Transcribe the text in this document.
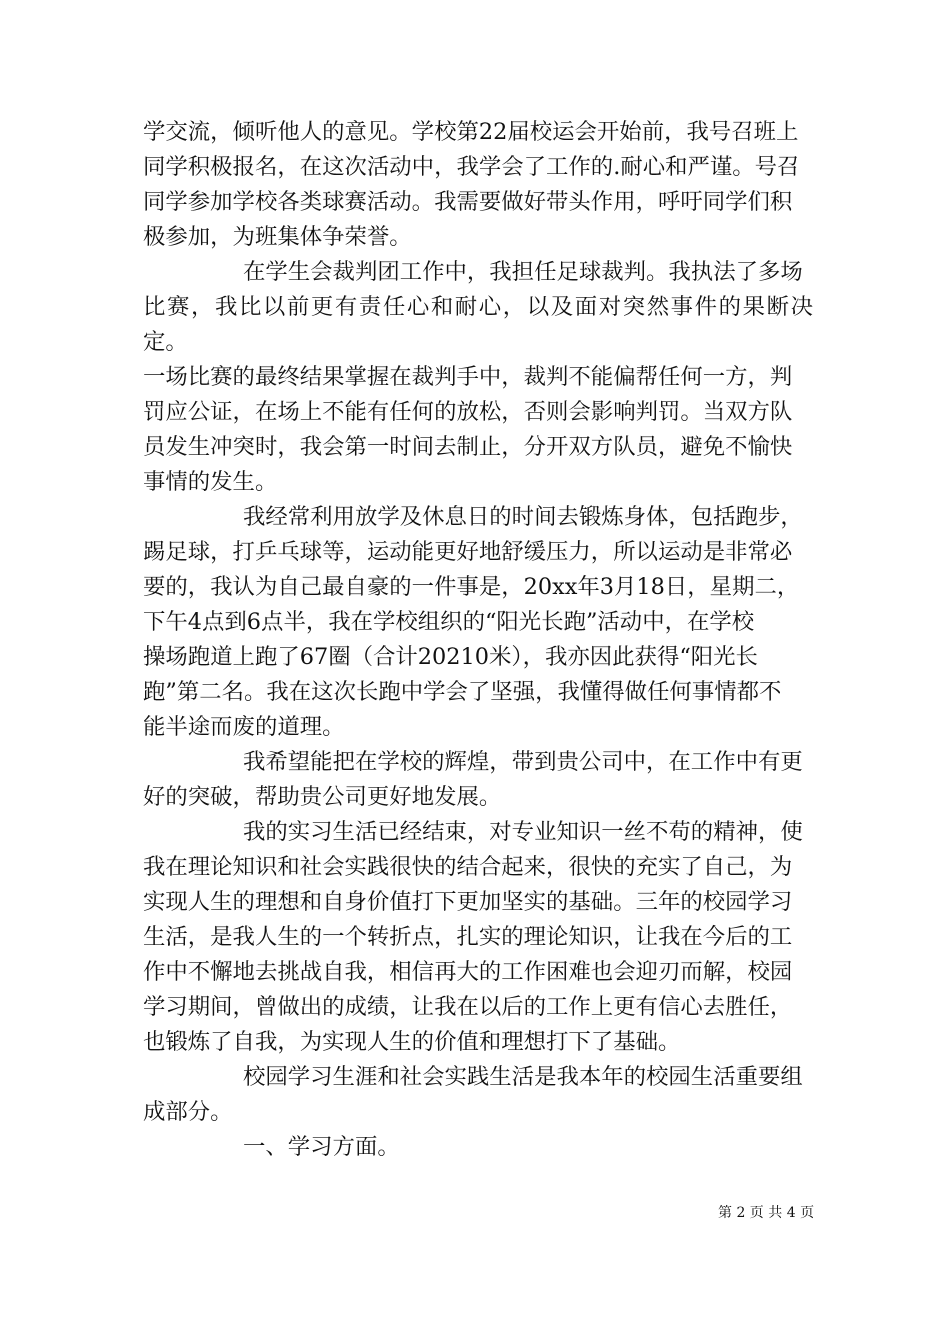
学交流，倾听他人的意见。学校第22届校运会开始前，我号召班上
同学积极报名，在这次活动中，我学会了工作的.耐心和严谨。号召
同学参加学校各类球赛活动。我需要做好带头作用，呼吁同学们积
极参加，为班集体争荣誉。

在学生会裁判团工作中，我担任足球裁判。我执法了多场
比赛，我比以前更有责任心和耐心，以及面对突然事件的果断决定。
一场比赛的最终结果掌握在裁判手中，裁判不能偏帮任何一方，判
罚应公证，在场上不能有任何的放松，否则会影响判罚。当双方队
员发生冲突时，我会第一时间去制止，分开双方队员，避免不愉快
事情的发生。

我经常利用放学及休息日的时间去锻炼身体，包括跑步，
踢足球，打乒乓球等，运动能更好地舒缓压力，所以运动是非常必
要的，我认为自己最自豪的一件事是，20xx年3月18日，星期二，
下午4点到6点半，我在学校组织的“阳光长跑”活动中，在学校
操场跑道上跑了67圈（合计20210米），我亦因此获得“阳光长
跑”第二名。我在这次长跑中学会了坚强，我懂得做任何事情都不
能半途而废的道理。

我希望能把在学校的辉煌，带到贵公司中，在工作中有更
好的突破，帮助贵公司更好地发展。

我的实习生活已经结束，对专业知识一丝不苟的精神，使
我在理论知识和社会实践很快的结合起来，很快的充实了自己，为
实现人生的理想和自身价值打下更加坚实的基础。三年的校园学习
生活，是我人生的一个转折点，扎实的理论知识，让我在今后的工
作中不懈地去挑战自我，相信再大的工作困难也会迎刃而解，校园
学习期间，曾做出的成绩，让我在以后的工作上更有信心去胜任，
也锻炼了自我，为实现人生的价值和理想打下了基础。

校园学习生涯和社会实践生活是我本年的校园生活重要组
成部分。

一、学习方面。

第 2 页 共 4 页
